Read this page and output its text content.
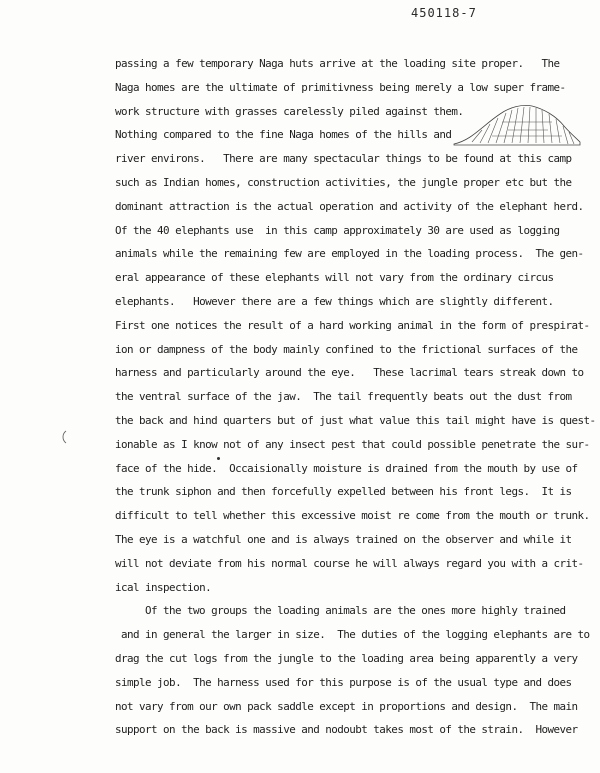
450118-7
passing a few temporary Naga huts arrive at the loading site proper.   The
Naga homes are the ultimate of primitivness being merely a low super frame-
work structure with grasses carelessly piled against them.
Nothing compared to the fine Naga homes of the hills and
river environs.   There are many spectacular things to be found at this camp
such as Indian homes, construction activities, the jungle proper etc but the
dominant attraction is the actual operation and activity of the elephant herd.
Of the 40 elephants use  in this camp approximately 30 are used as logging
animals while the remaining few are employed in the loading process.  The gen-
eral appearance of these elephants will not vary from the ordinary circus
elephants.   However there are a few things which are slightly different.
First one notices the result of a hard working animal in the form of prespirat-
ion or dampness of the body mainly confined to the frictional surfaces of the
harness and particularly around the eye.   These lacrimal tears streak down to
the ventral surface of the jaw.  The tail frequently beats out the dust from
the back and hind quarters but of just what value this tail might have is quest-
ionable as I know not of any insect pest that could possible penetrate the sur-
face of the hide.  Occaisionally moisture is drained from the mouth by use of
the trunk siphon and then forcefully expelled between his front legs.  It is
difficult to tell whether this excessive moist re come from the mouth or trunk.
The eye is a watchful one and is always trained on the observer and while it
will not deviate from his normal course he will always regard you with a crit-
ical inspection.
Of the two groups the loading animals are the ones more highly trained
and in general the larger in size.  The duties of the logging elephants are to
drag the cut logs from the jungle to the loading area being apparently a very
simple job.  The harness used for this purpose is of the usual type and does
not vary from our own pack saddle except in proportions and design.  The main
support on the back is massive and nodoubt takes most of the strain.  However
